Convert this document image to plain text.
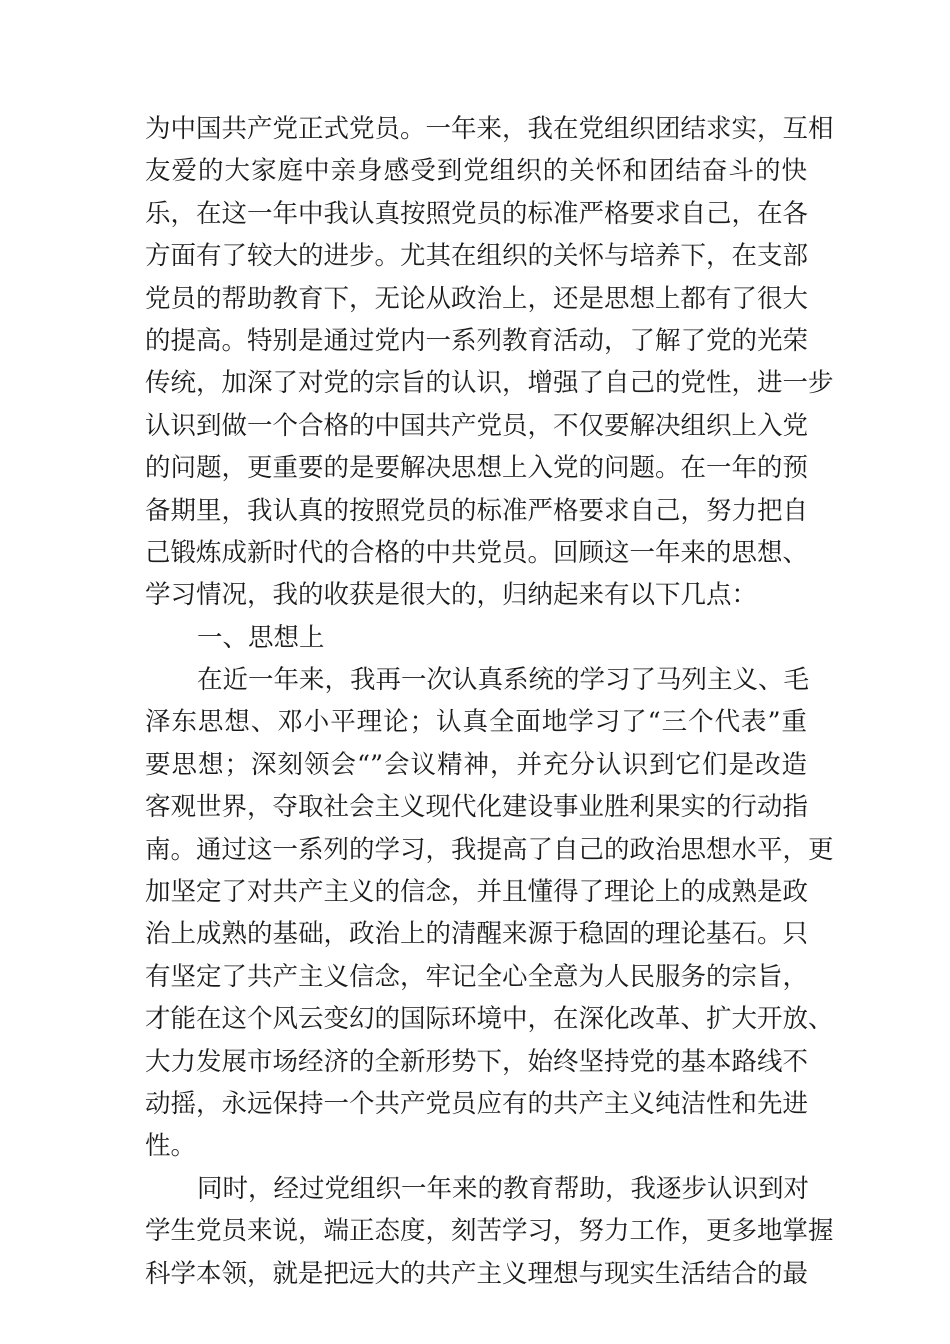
为中国共产党正式党员。一年来，我在党组织团结求实，互相
友爱的大家庭中亲身感受到党组织的关怀和团结奋斗的快
乐，在这一年中我认真按照党员的标准严格要求自己，在各
方面有了较大的进步。尤其在组织的关怀与培养下，在支部
党员的帮助教育下，无论从政治上，还是思想上都有了很大
的提高。特别是通过党内一系列教育活动，了解了党的光荣
传统，加深了对党的宗旨的认识，增强了自己的党性，进一步
认识到做一个合格的中国共产党员，不仅要解决组织上入党
的问题，更重要的是要解决思想上入党的问题。在一年的预
备期里，我认真的按照党员的标准严格要求自己，努力把自
己锻炼成新时代的合格的中共党员。回顾这一年来的思想、
学习情况，我的收获是很大的，归纳起来有以下几点：
一、思想上
在近一年来，我再一次认真系统的学习了马列主义、毛
泽东思想、邓小平理论；认真全面地学习了“三个代表”重
要思想；深刻领会“”会议精神，并充分认识到它们是改造
客观世界，夺取社会主义现代化建设事业胜利果实的行动指
南。通过这一系列的学习，我提高了自己的政治思想水平，更
加坚定了对共产主义的信念，并且懂得了理论上的成熟是政
治上成熟的基础，政治上的清醒来源于稳固的理论基石。只
有坚定了共产主义信念，牢记全心全意为人民服务的宗旨，
才能在这个风云变幻的国际环境中，在深化改革、扩大开放、
大力发展市场经济的全新形势下，始终坚持党的基本路线不
动摇，永远保持一个共产党员应有的共产主义纯洁性和先进
性。
同时，经过党组织一年来的教育帮助，我逐步认识到对
学生党员来说，端正态度，刻苦学习，努力工作，更多地掌握
科学本领，就是把远大的共产主义理想与现实生活结合的最
